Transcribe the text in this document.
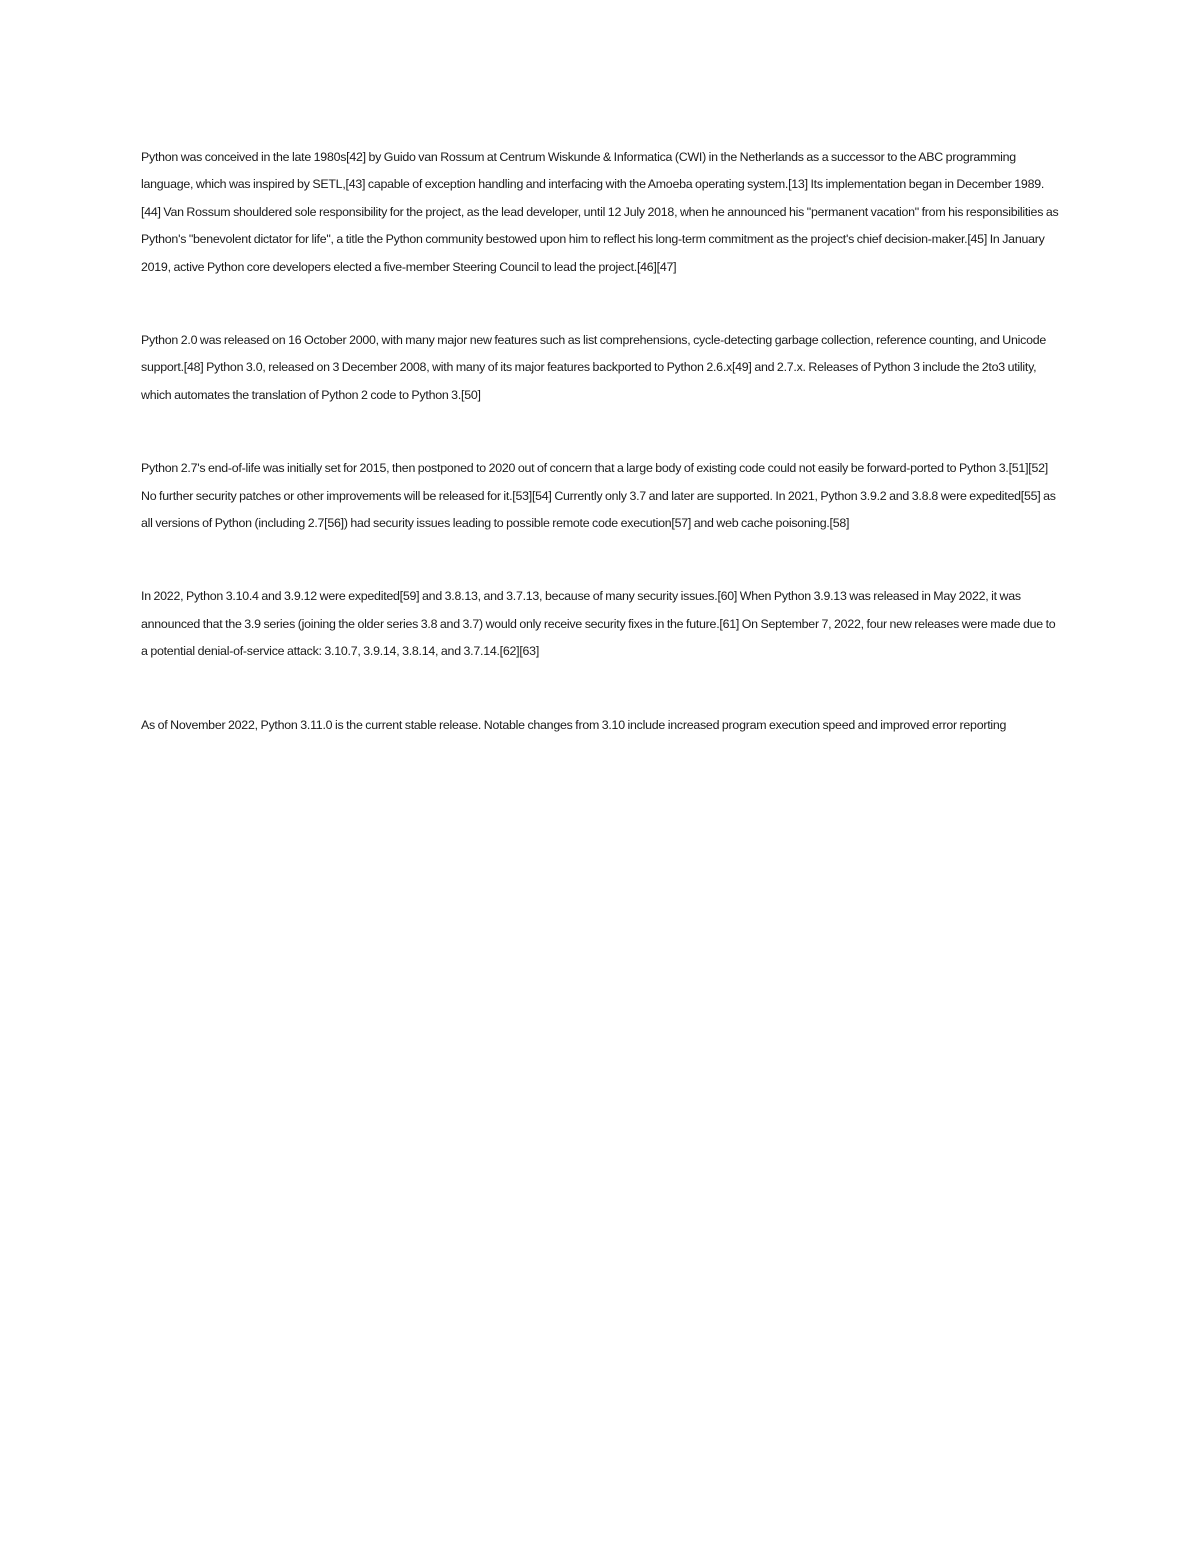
Python was conceived in the late 1980s[42] by Guido van Rossum at Centrum Wiskunde & Informatica (CWI) in the Netherlands as a successor to the ABC programming language, which was inspired by SETL,[43] capable of exception handling and interfacing with the Amoeba operating system.[13] Its implementation began in December 1989.[44] Van Rossum shouldered sole responsibility for the project, as the lead developer, until 12 July 2018, when he announced his "permanent vacation" from his responsibilities as Python's "benevolent dictator for life", a title the Python community bestowed upon him to reflect his long-term commitment as the project's chief decision-maker.[45] In January 2019, active Python core developers elected a five-member Steering Council to lead the project.[46][47]

Python 2.0 was released on 16 October 2000, with many major new features such as list comprehensions, cycle-detecting garbage collection, reference counting, and Unicode support.[48] Python 3.0, released on 3 December 2008, with many of its major features backported to Python 2.6.x[49] and 2.7.x. Releases of Python 3 include the 2to3 utility, which automates the translation of Python 2 code to Python 3.[50]

Python 2.7's end-of-life was initially set for 2015, then postponed to 2020 out of concern that a large body of existing code could not easily be forward-ported to Python 3.[51][52] No further security patches or other improvements will be released for it.[53][54] Currently only 3.7 and later are supported. In 2021, Python 3.9.2 and 3.8.8 were expedited[55] as all versions of Python (including 2.7[56]) had security issues leading to possible remote code execution[57] and web cache poisoning.[58]

In 2022, Python 3.10.4 and 3.9.12 were expedited[59] and 3.8.13, and 3.7.13, because of many security issues.[60] When Python 3.9.13 was released in May 2022, it was announced that the 3.9 series (joining the older series 3.8 and 3.7) would only receive security fixes in the future.[61] On September 7, 2022, four new releases were made due to a potential denial-of-service attack: 3.10.7, 3.9.14, 3.8.14, and 3.7.14.[62][63]

As of November 2022, Python 3.11.0 is the current stable release. Notable changes from 3.10 include increased program execution speed and improved error reporting
